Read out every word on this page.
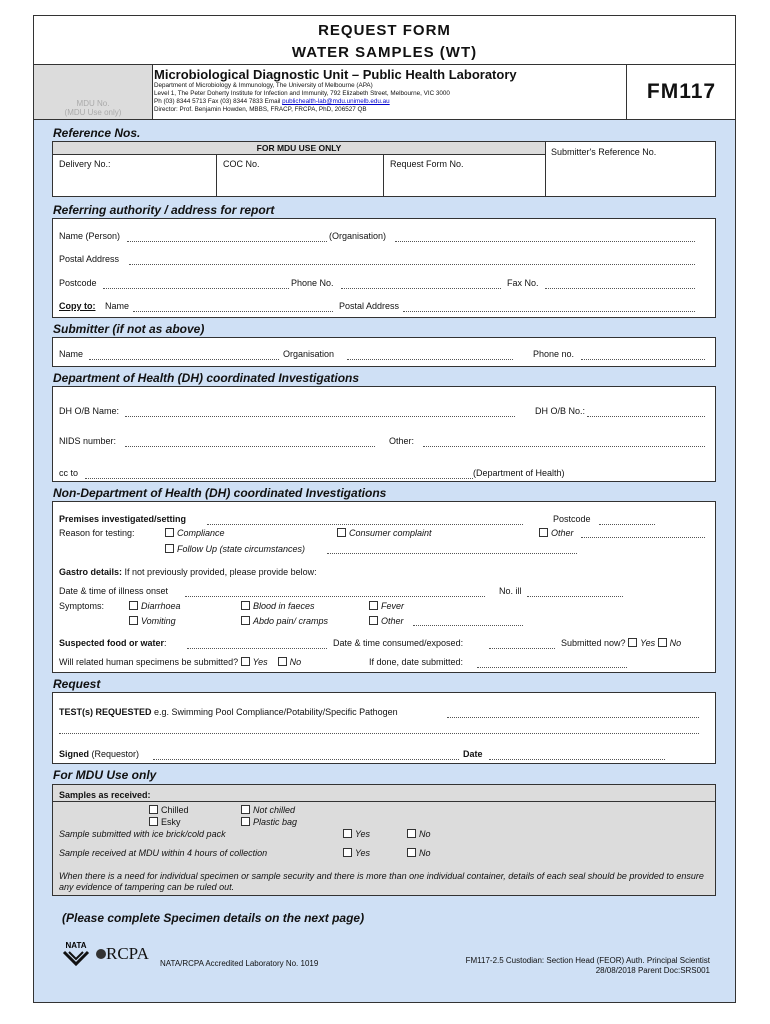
REQUEST FORM
WATER SAMPLES (WT)
MDU No.
(MDU Use only)
Microbiological Diagnostic Unit – Public Health Laboratory

Department of Microbiology & Immunology, The University of Melbourne (APA)

Level 1, The Peter Doherty Institute for Infection and Immunity, 792 Elizabeth Street, Melbourne, VIC 3000

Ph (03) 8344 5713 Fax (03) 8344 7833 Email publichealth-lab@mdu.unimelb.edu.au

Director: Prof. Benjamin Howden, MBBS, FRACP, FRCPA, PhD, 206527 QB

FM117
Reference Nos.
FOR MDU USE ONLY
Delivery No.:	COC No.	Request Form No.
Submitter's Reference No.
Referring authority / address for report
Name (Person)	(Organisation)
Postal Address
Postcode	Phone No.	Fax No.
Copy to: Name	Postal Address
Submitter (if not as above)
Name	Organisation	Phone no.
Department of Health (DH) coordinated Investigations
DH O/B Name:	DH O/B No.:
NIDS number:	Other:
cc to	(Department of Health)
Non-Department of Health (DH) coordinated Investigations
Premises investigated/setting	Postcode
Reason for testing:	Compliance	Consumer complaint	Other
Follow Up (state circumstances)
Gastro details: If not previously provided, please provide below:
Date & time of illness onset	No. ill
Symptoms:	Diarrhoea	Blood in faeces	Fever
Vomiting	Abdo pain/ cramps	Other
Suspected food or water:	Date & time consumed/exposed:	Submitted now? Yes No
Will related human specimens be submitted? Yes No	If done, date submitted:
Request
TEST(s) REQUESTED e.g. Swimming Pool Compliance/Potability/Specific Pathogen
Signed (Requestor)	Date
For MDU Use only
Samples as received:
Chilled	Not chilled
Esky	Plastic bag
Sample submitted with ice brick/cold pack	Yes	No
Sample received at MDU within 4 hours of collection	Yes	No
When there is a need for individual specimen or sample security and there is more than one individual container, details of each seal should be provided to ensure any evidence of tampering can be ruled out.
(Please complete Specimen details on the next page)
NATA	RCPA
NATA/RCPA Accredited Laboratory No. 1019	FM117-2.5 Custodian: Section Head (FEOR) Auth. Principal Scientist
28/08/2018 Parent Doc:SRS001
